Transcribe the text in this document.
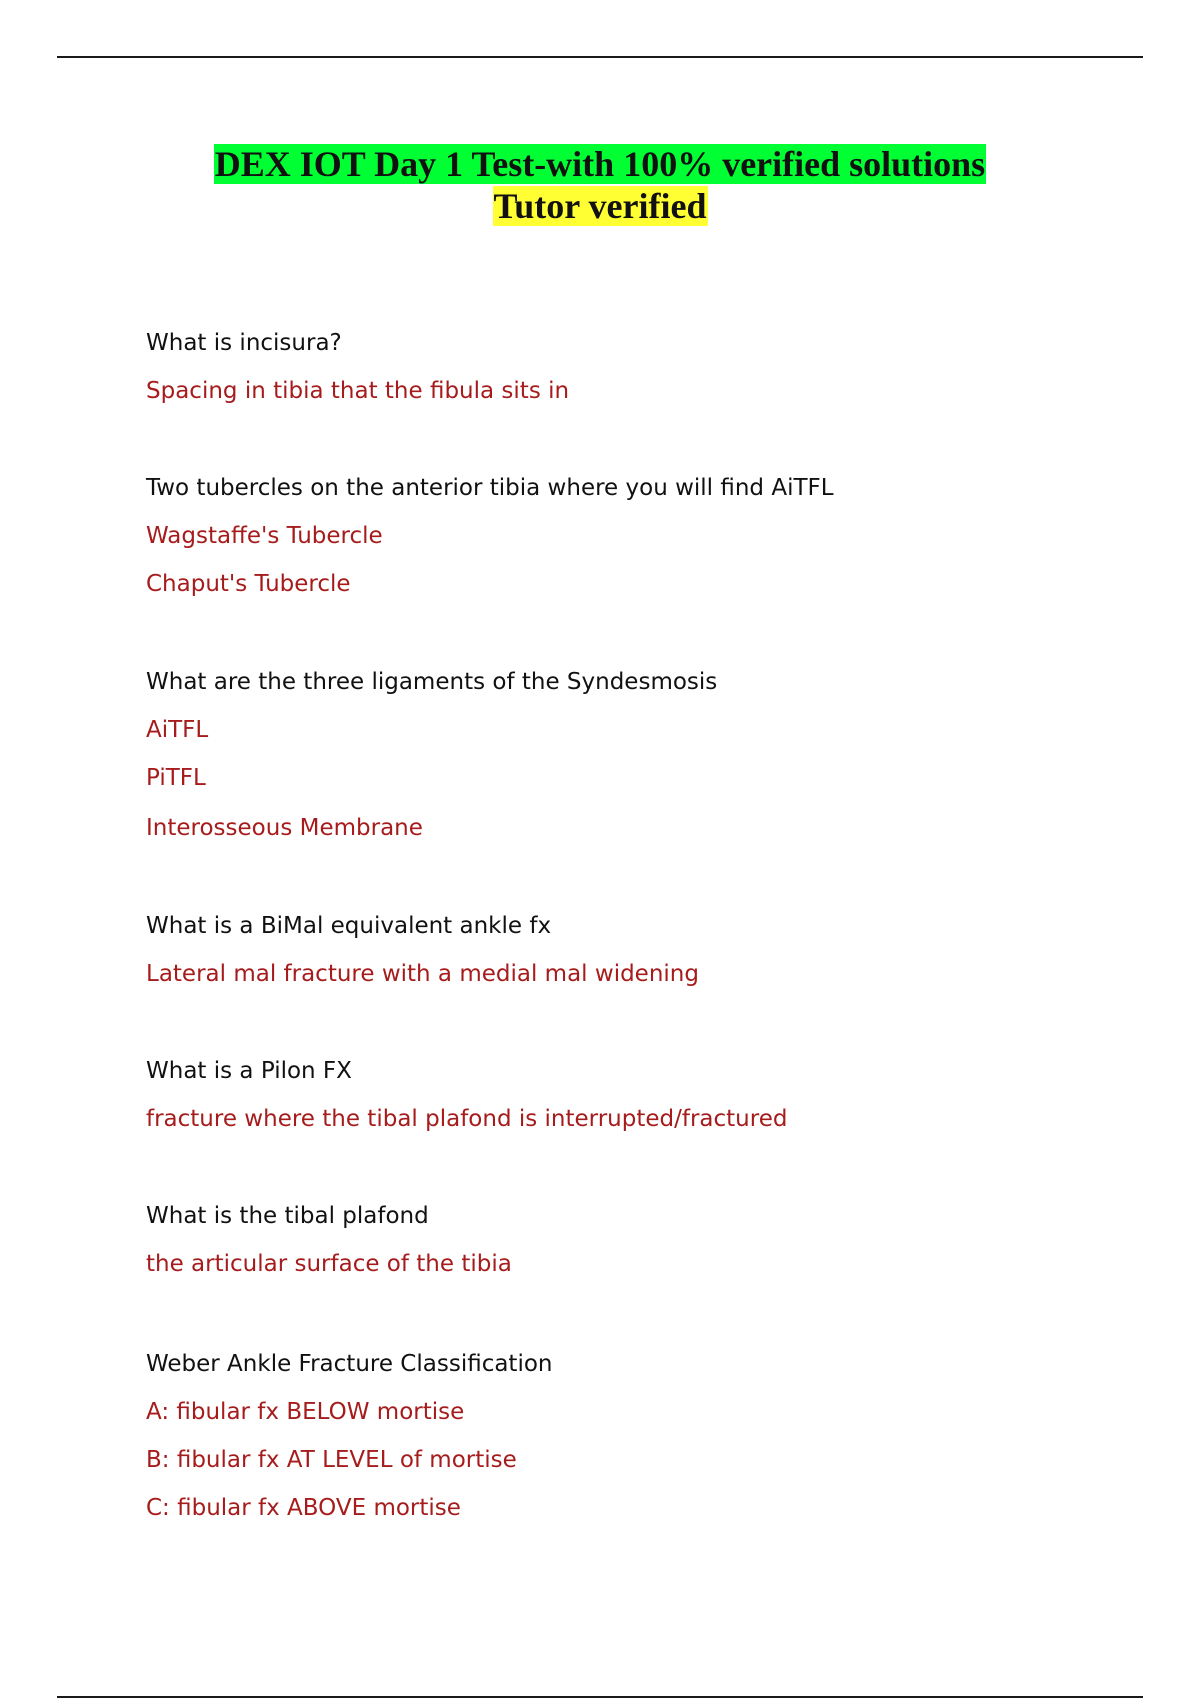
DEX IOT Day 1 Test-with 100% verified solutions
Tutor verified

What is incisura?

Spacing in tibia that the fibula sits in

Two tubercles on the anterior tibia where you will find AiTFL

Wagstaffe's Tubercle

Chaput's Tubercle

What are the three ligaments of the Syndesmosis

AiTFL

PiTFL

Interosseous Membrane

What is a BiMal equivalent ankle fx

Lateral mal fracture with a medial mal widening

What is a Pilon FX

fracture where the tibal plafond is interrupted/fractured

What is the tibal plafond

the articular surface of the tibia

Weber Ankle Fracture Classification

A: fibular fx BELOW mortise

B: fibular fx AT LEVEL of mortise

C: fibular fx ABOVE mortise
